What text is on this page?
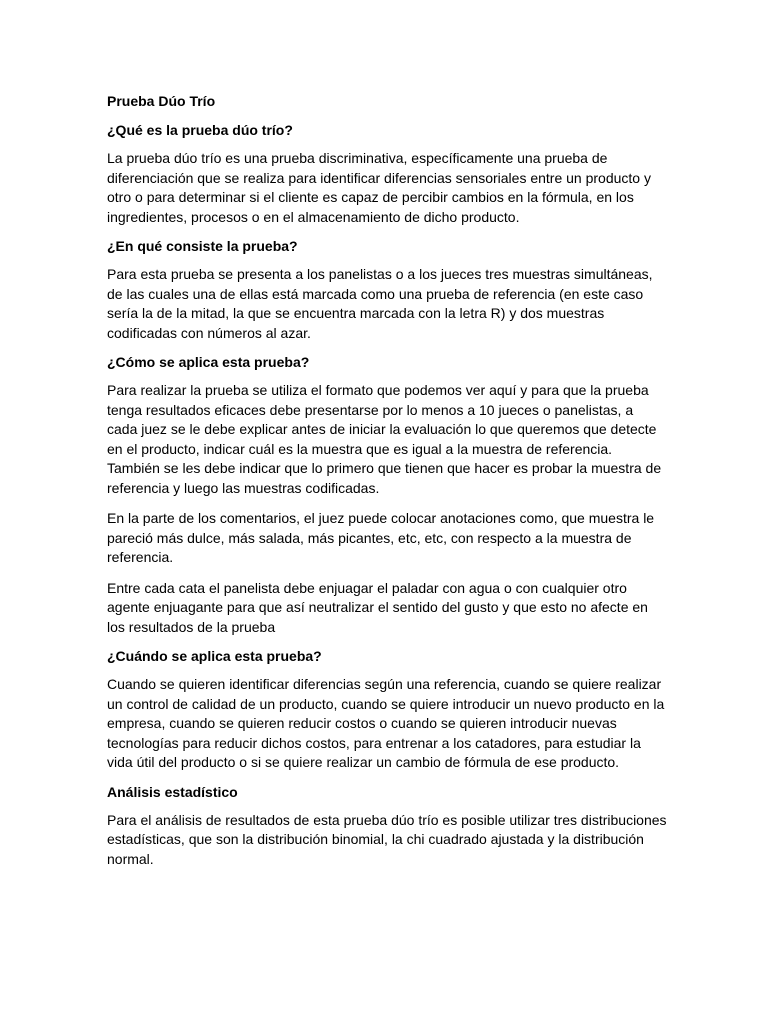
Prueba Dúo Trío

¿Qué es la prueba dúo trío?

La prueba dúo trío es una prueba discriminativa, específicamente una prueba de diferenciación que se realiza para identificar diferencias sensoriales entre un producto y otro o para determinar si el cliente es capaz de percibir cambios en la fórmula, en los ingredientes, procesos o en el almacenamiento de dicho producto.

¿En qué consiste la prueba?

Para esta prueba se presenta a los panelistas o a los jueces tres muestras simultáneas, de las cuales una de ellas está marcada como una prueba de referencia (en este caso sería la de la mitad, la que se encuentra marcada con la letra R) y dos muestras codificadas con números al azar.

¿Cómo se aplica esta prueba?

Para realizar la prueba se utiliza el formato que podemos ver aquí y para que la prueba tenga resultados eficaces debe presentarse por lo menos a 10 jueces o panelistas, a cada juez se le debe explicar antes de iniciar la evaluación lo que queremos que detecte en el producto, indicar cuál es la muestra que es igual a la muestra de referencia. También se les debe indicar que lo primero que tienen que hacer es probar la muestra de referencia y luego las muestras codificadas.

En la parte de los comentarios, el juez puede colocar anotaciones como, que muestra le pareció más dulce, más salada, más picantes, etc, etc, con respecto a la muestra de referencia.

Entre cada cata el panelista debe enjuagar el paladar con agua o con cualquier otro agente enjuagante para que así neutralizar el sentido del gusto y que esto no afecte en los resultados de la prueba

¿Cuándo se aplica esta prueba?

Cuando se quieren identificar diferencias según una referencia, cuando se quiere realizar un control de calidad de un producto, cuando se quiere introducir un nuevo producto en la empresa, cuando se quieren reducir costos o cuando se quieren introducir nuevas tecnologías para reducir dichos costos, para entrenar a los catadores, para estudiar la vida útil del producto o si se quiere realizar un cambio de fórmula de ese producto.

Análisis estadístico

Para el análisis de resultados de esta prueba dúo trío es posible utilizar tres distribuciones estadísticas, que son la distribución binomial, la chi cuadrado ajustada y la distribución normal.
